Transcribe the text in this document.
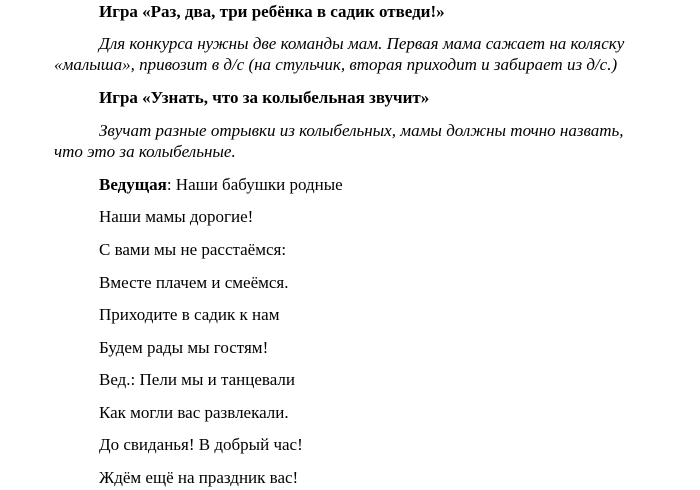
Игра «Раз, два, три ребёнка в садик отведи!»
Для конкурса нужны две команды мам. Первая мама сажает на коляску
«малыша», привозит в д/с (на стульчик, вторая приходит и забирает из д/с.)
Игра «Узнать, что за колыбельная звучит»
Звучат разные отрывки из колыбельных, мамы должны точно назвать,
что это за колыбельные.
Ведущая: Наши бабушки родные
Наши мамы дорогие!
С вами мы не расстаёмся:
Вместе плачем и смеёмся.
Приходите в садик к нам
Будем рады мы гостям!
Вед.: Пели мы и танцевали
Как могли вас развлекали.
До свиданья! В добрый час!
Ждём ещё на праздник вас!
